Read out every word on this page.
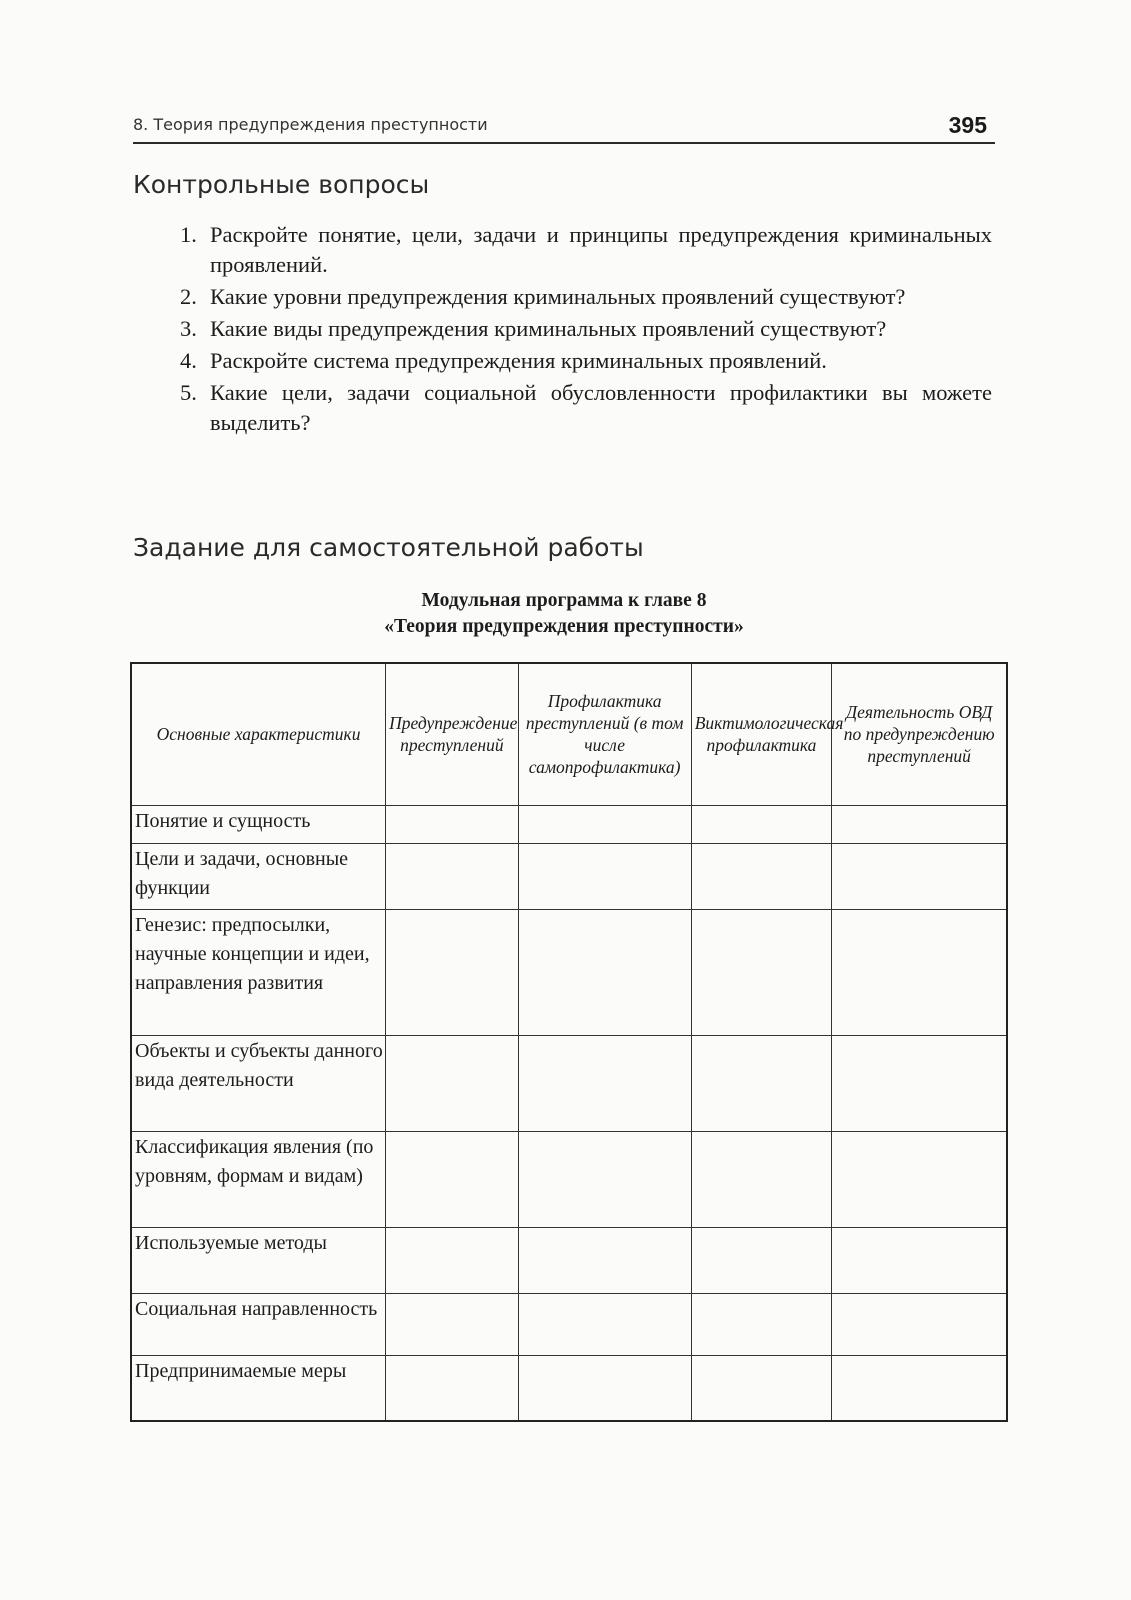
8. Теория предупреждения преступности	395
Контрольные вопросы
1. Раскройте понятие, цели, задачи и принципы предупреждения криминальных проявлений.
2. Какие уровни предупреждения криминальных проявлений существуют?
3. Какие виды предупреждения криминальных проявлений существуют?
4. Раскройте система предупреждения криминальных проявлений.
5. Какие цели, задачи социальной обусловленности профилактики вы можете выделить?
Задание для самостоятельной работы
Модульная программа к главе 8
«Теория предупреждения преступности»
Основные характеристики	Предупреждение преступлений	Профилактика преступлений (в том числе самопрофилактика)	Виктимологическая профилактика	Деятельность ОВД по предупреждению преступлений
Понятие и сущность				
Цели и задачи, основные функции				
Генезис: предпосылки, научные концепции и идеи, направления развития				
Объекты и субъекты данного вида деятельности				
Классификация явления (по уровням, формам и видам)				
Используемые методы				
Социальная направленность				
Предпринимаемые меры				
